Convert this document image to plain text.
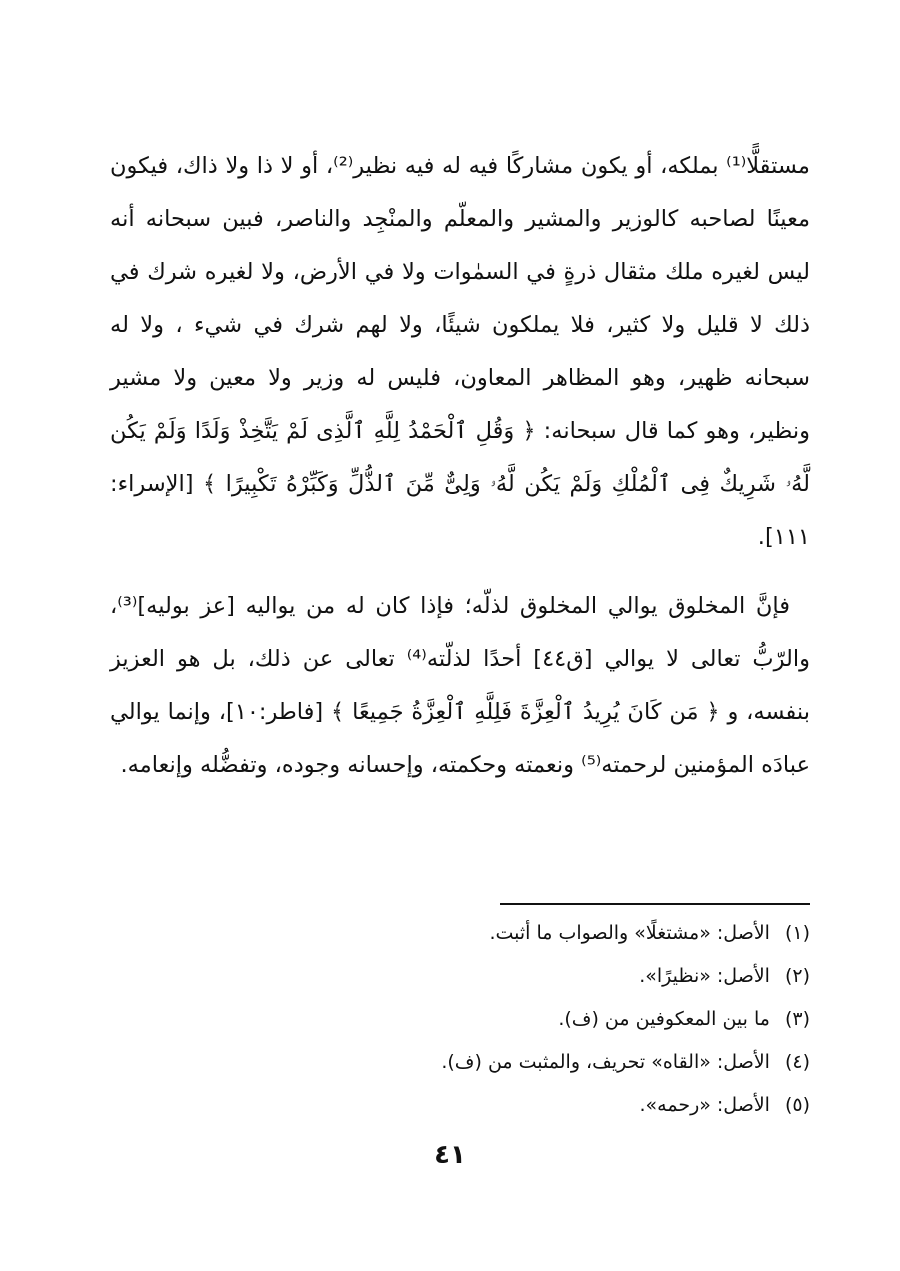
مستقلًّا⁽¹⁾ بملكه، أو يكون مشاركًا فيه له فيه نظير⁽²⁾، أو لا ذا ولا ذاك، فيكون معينًا لصاحبه كالوزير والمشير والمعلّم والمنْجِد والناصر، فبين سبحانه أنه ليس لغيره ملك مثقال ذرةٍ في السمٰوات ولا في الأرض، ولا لغيره شرك في ذلك لا قليل ولا كثير، فلا يملكون شيئًا، ولا لهم شرك في شيء ، ولا له سبحانه ظهير، وهو المظاهر المعاون، فليس له وزير ولا معين ولا مشير ونظير، وهو كما قال سبحانه: ﴿ وَقُلِ ٱلْحَمْدُ لِلَّهِ ٱلَّذِى لَمْ يَتَّخِذْ وَلَدًا وَلَمْ يَكُن لَّهُۥ شَرِيكٌ فِى ٱلْمُلْكِ وَلَمْ يَكُن لَّهُۥ وَلِىٌّ مِّنَ ٱلذُّلِّ وَكَبِّرْهُ تَكْبِيرًا ﴾ [الإسراء: ١١١].

فإنَّ المخلوق يوالي المخلوق لذلّه؛ فإذا كان له من يواليه [عز بوليه]⁽³⁾، والرّبُّ تعالى لا يوالي [ق٤٤] أحدًا لذلّته⁽⁴⁾ تعالى عن ذلك، بل هو العزيز بنفسه، و ﴿ مَن كَانَ يُرِيدُ ٱلْعِزَّةَ فَلِلَّهِ ٱلْعِزَّةُ جَمِيعًا ﴾ [فاطر:١٠]، وإنما يوالي عبادَه المؤمنين لرحمته⁽⁵⁾ ونعمته وحكمته، وإحسانه وجوده، وتفضُّله وإنعامه.

(١) الأصل: «مشتغلًا» والصواب ما أثبت.
(٢) الأصل: «نظيرًا».
(٣) ما بين المعكوفين من (ف).
(٤) الأصل: «القاه» تحريف، والمثبت من (ف).
(٥) الأصل: «رحمه».
٤١
